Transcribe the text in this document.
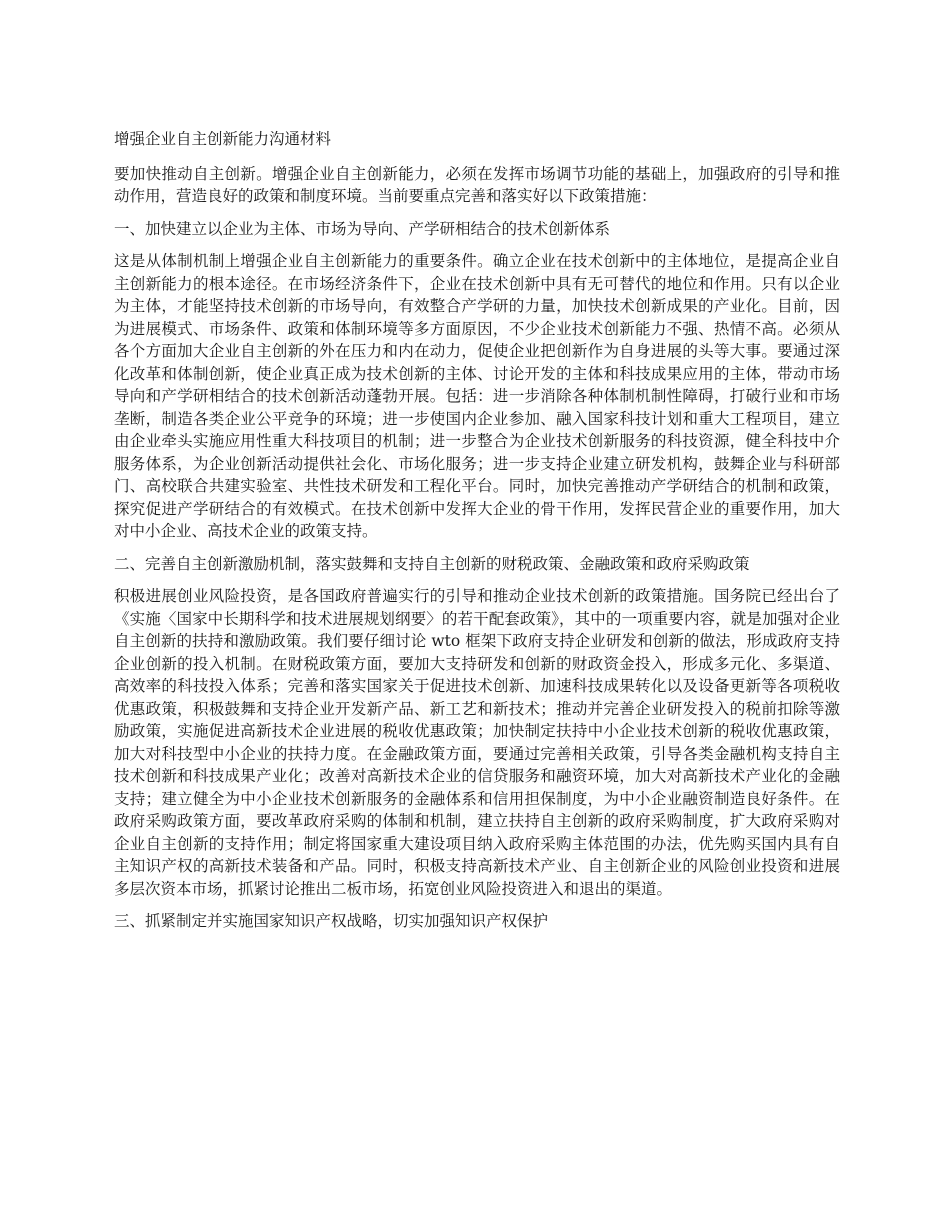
增强企业自主创新能力沟通材料

要加快推动自主创新。增强企业自主创新能力，必须在发挥市场调节功能的基础上，加强政府的引导和推动作用，营造良好的政策和制度环境。当前要重点完善和落实好以下政策措施：

一、加快建立以企业为主体、市场为导向、产学研相结合的技术创新体系

这是从体制机制上增强企业自主创新能力的重要条件。确立企业在技术创新中的主体地位，是提高企业自主创新能力的根本途径。在市场经济条件下，企业在技术创新中具有无可替代的地位和作用。只有以企业为主体，才能坚持技术创新的市场导向，有效整合产学研的力量，加快技术创新成果的产业化。目前，因为进展模式、市场条件、政策和体制环境等多方面原因，不少企业技术创新能力不强、热情不高。必须从各个方面加大企业自主创新的外在压力和内在动力，促使企业把创新作为自身进展的头等大事。要通过深化改革和体制创新，使企业真正成为技术创新的主体、讨论开发的主体和科技成果应用的主体，带动市场导向和产学研相结合的技术创新活动蓬勃开展。包括：进一步消除各种体制机制性障碍，打破行业和市场垄断，制造各类企业公平竞争的环境；进一步使国内企业参加、融入国家科技计划和重大工程项目，建立由企业牵头实施应用性重大科技项目的机制；进一步整合为企业技术创新服务的科技资源，健全科技中介服务体系，为企业创新活动提供社会化、市场化服务；进一步支持企业建立研发机构，鼓舞企业与科研部门、高校联合共建实验室、共性技术研发和工程化平台。同时，加快完善推动产学研结合的机制和政策，探究促进产学研结合的有效模式。在技术创新中发挥大企业的骨干作用，发挥民营企业的重要作用，加大对中小企业、高技术企业的政策支持。

二、完善自主创新激励机制，落实鼓舞和支持自主创新的财税政策、金融政策和政府采购政策

积极进展创业风险投资，是各国政府普遍实行的引导和推动企业技术创新的政策措施。国务院已经出台了《实施〈国家中长期科学和技术进展规划纲要〉的若干配套政策》，其中的一项重要内容，就是加强对企业自主创新的扶持和激励政策。我们要仔细讨论 wto 框架下政府支持企业研发和创新的做法，形成政府支持企业创新的投入机制。在财税政策方面，要加大支持研发和创新的财政资金投入，形成多元化、多渠道、高效率的科技投入体系；完善和落实国家关于促进技术创新、加速科技成果转化以及设备更新等各项税收优惠政策，积极鼓舞和支持企业开发新产品、新工艺和新技术；推动并完善企业研发投入的税前扣除等激励政策，实施促进高新技术企业进展的税收优惠政策；加快制定扶持中小企业技术创新的税收优惠政策，加大对科技型中小企业的扶持力度。在金融政策方面，要通过完善相关政策，引导各类金融机构支持自主技术创新和科技成果产业化；改善对高新技术企业的信贷服务和融资环境，加大对高新技术产业化的金融支持；建立健全为中小企业技术创新服务的金融体系和信用担保制度，为中小企业融资制造良好条件。在政府采购政策方面，要改革政府采购的体制和机制，建立扶持自主创新的政府采购制度，扩大政府采购对企业自主创新的支持作用；制定将国家重大建设项目纳入政府采购主体范围的办法，优先购买国内具有自主知识产权的高新技术装备和产品。同时，积极支持高新技术产业、自主创新企业的风险创业投资和进展多层次资本市场，抓紧讨论推出二板市场，拓宽创业风险投资进入和退出的渠道。

三、抓紧制定并实施国家知识产权战略，切实加强知识产权保护
